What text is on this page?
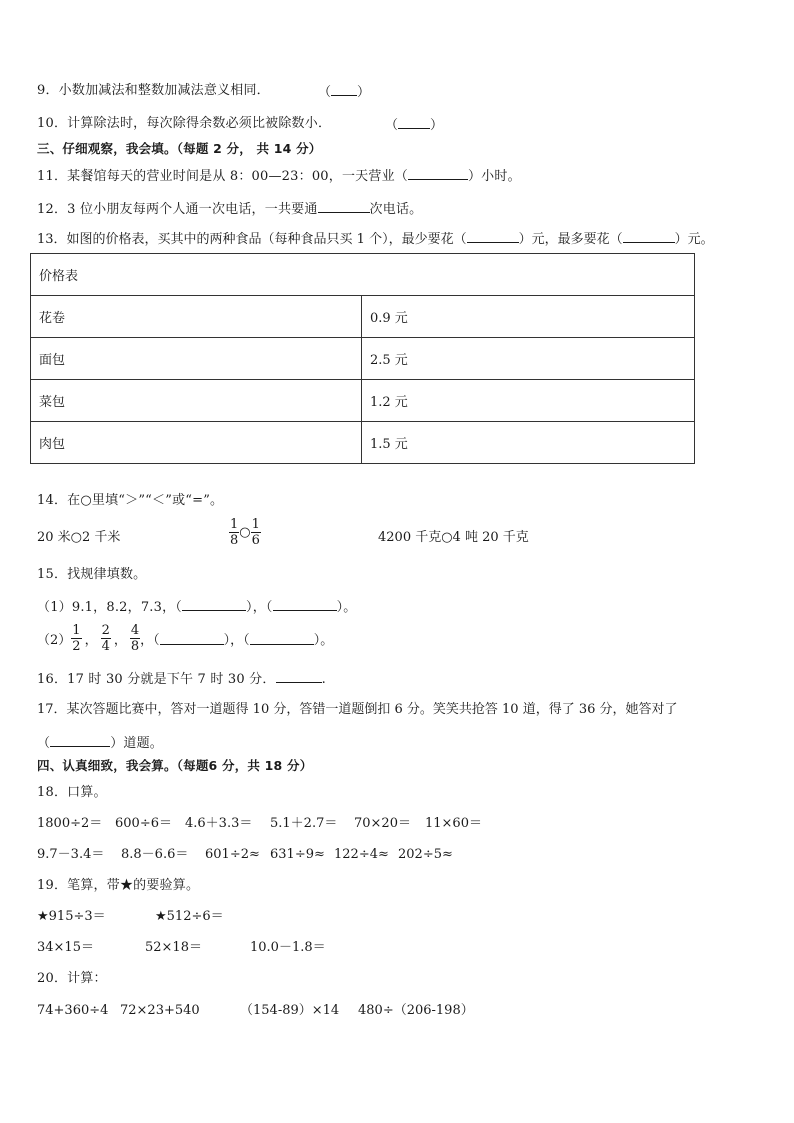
9．小数加减法和整数加减法意义相同．	（ ）
10．计算除法时，每次除得余数必须比被除数小．	（ ）
三、仔细观察，我会填。（每题 2 分， 共 14 分）
11．某餐馆每天的营业时间是从 8：00—23：00，一天营业（	）小时。
12．3 位小朋友每两个人通一次电话，一共要通	次电话。
13．如图的价格表，买其中的两种食品（每种食品只买 1 个），最少要花（	）元，最多要花（	）元。
价格表	
花卷	0.9 元
面包	2.5 元
菜包	1.2 元
肉包	1.5 元
14．在○里填“＞”“＜”或“=”。
20 米○2 千米	$\frac{1}{8}$ ○ $\frac{1}{6}$	4200 千克○4 吨 20 千克
15．找规律填数。
（1）9.1，8.2，7.3，（	），（	）。
$(2) \frac{1}{2}$ ， $\frac{2}{4}$ ， $\frac{4}{8}$ ，（	），（	）。
16．17 时 30 分就是下午 7 时 30 分．	.
17．某次答题比赛中，答对一道题得 10 分，答错一道题倒扣 6 分。笑笑共抢答 10 道，得了 36 分，她答对了
（	）道题。
四、认真细致，我会算。（每题6 分，共 18 分）
18．口算。
1800÷2＝ 600÷6＝ 4.6＋3.3＝ 5.1＋2.7＝ 70×20＝ 11×60＝
9.7－3.4＝ 8.8－6.6＝ 601÷2≈ 631÷9≈ 122÷4≈ 202÷5≈
19．笔算，带★的要验算。
★915÷3＝	★512÷6＝
34×15＝	52×18＝	10.0－1.8＝
20．计算：
74+360÷4 72×23+540	（154-89）×14 480÷（206-198）
